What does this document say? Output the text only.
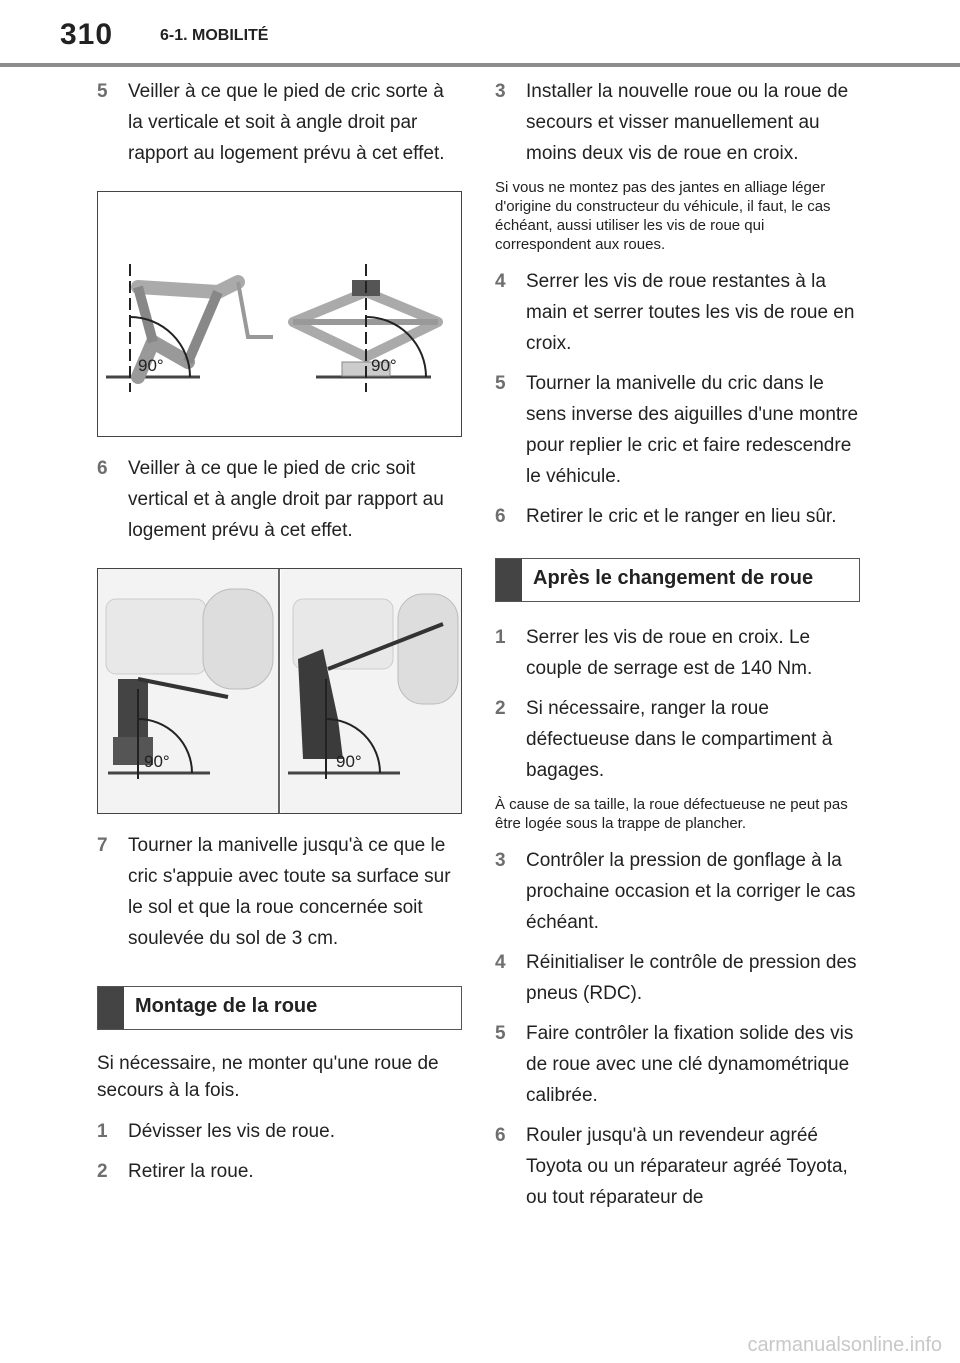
310	6-1. MOBILITÉ
5 Veiller à ce que le pied de cric sorte à la verticale et soit à angle droit par rapport au logement prévu à cet effet.
90°	90°
6 Veiller à ce que le pied de cric soit vertical et à angle droit par rapport au logement prévu à cet effet.
90°	90°
7 Tourner la manivelle jusqu'à ce que le cric s'appuie avec toute sa surface sur le sol et que la roue concernée soit soulevée du sol de 3 cm.
Montage de la roue
Si nécessaire, ne monter qu'une roue de secours à la fois.
1 Dévisser les vis de roue.
2 Retirer la roue.
3 Installer la nouvelle roue ou la roue de secours et visser manuellement au moins deux vis de roue en croix.
Si vous ne montez pas des jantes en alliage léger d'origine du constructeur du véhicule, il faut, le cas échéant, aussi utiliser les vis de roue qui correspondent aux roues.
4 Serrer les vis de roue restantes à la main et serrer toutes les vis de roue en croix.
5 Tourner la manivelle du cric dans le sens inverse des aiguilles d'une montre pour replier le cric et faire redescendre le véhicule.
6 Retirer le cric et le ranger en lieu sûr.
Après le changement de roue
1 Serrer les vis de roue en croix. Le couple de serrage est de 140 Nm.
2 Si nécessaire, ranger la roue défectueuse dans le compartiment à bagages.
À cause de sa taille, la roue défectueuse ne peut pas être logée sous la trappe de plancher.
3 Contrôler la pression de gonflage à la prochaine occasion et la corriger le cas échéant.
4 Réinitialiser le contrôle de pression des pneus (RDC).
5 Faire contrôler la fixation solide des vis de roue avec une clé dynamométrique calibrée.
6 Rouler jusqu'à un revendeur agréé Toyota ou un réparateur agréé Toyota, ou tout réparateur de
carmanualsonline.info
